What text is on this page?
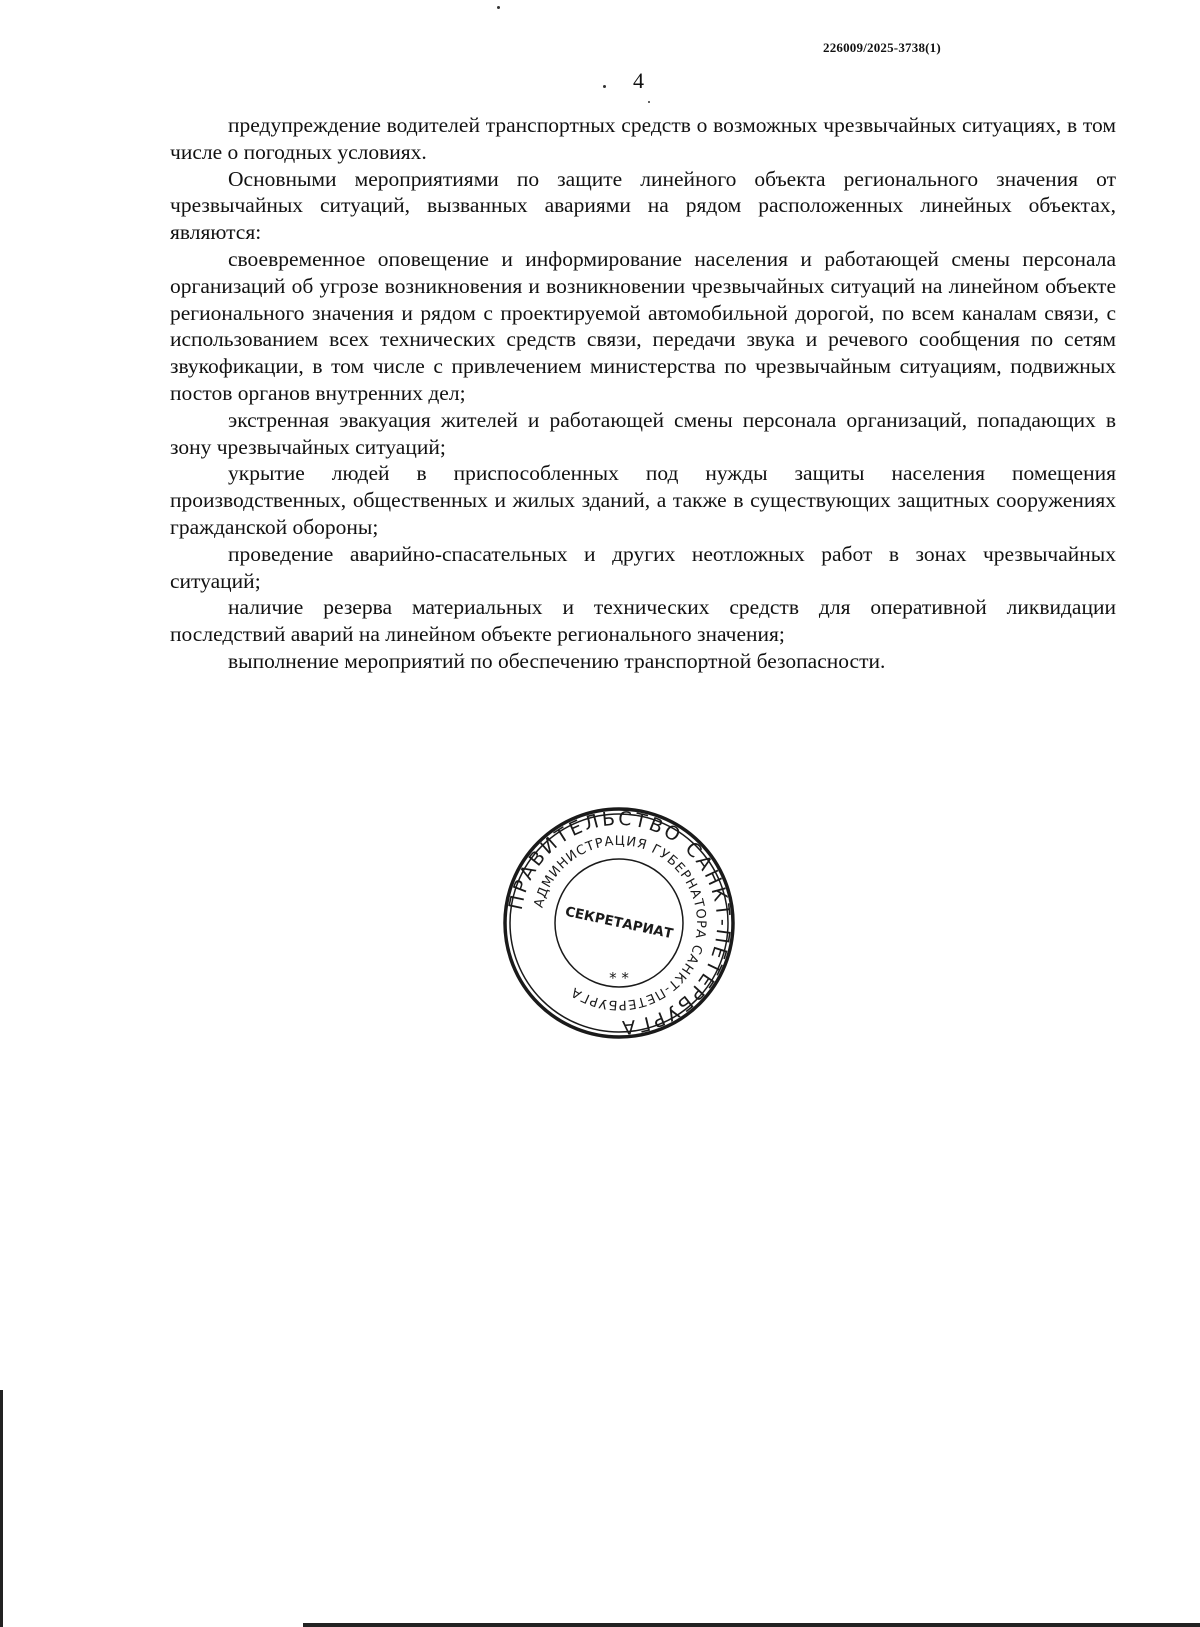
226009/2025-3738(1)
4

предупреждение водителей транспортных средств о возможных чрезвычайных ситуациях, в том числе о погодных условиях.

Основными мероприятиями по защите линейного объекта регионального значения от чрезвычайных ситуаций, вызванных авариями на рядом расположенных линейных объектах, являются:

своевременное оповещение и информирование населения и работающей смены персонала организаций об угрозе возникновения и возникновении чрезвычайных ситуаций на линейном объекте регионального значения и рядом с проектируемой автомобильной дорогой, по всем каналам связи, с использованием всех технических средств связи, передачи звука и речевого сообщения по сетям звукофикации, в том числе с привлечением министерства по чрезвычайным ситуациям, подвижных постов органов внутренних дел;

экстренная эвакуация жителей и работающей смены персонала организаций, попадающих в зону чрезвычайных ситуаций;

укрытие людей в приспособленных под нужды защиты населения помещения производственных, общественных и жилых зданий, а также в существующих защитных сооружениях гражданской обороны;

проведение аварийно-спасательных и других неотложных работ в зонах чрезвычайных ситуаций;

наличие резерва материальных и технических средств для оперативной ликвидации последствий аварий на линейном объекте регионального значения;

выполнение мероприятий по обеспечению транспортной безопасности.

ПРАВИТЕЛЬСТВО САНКТ-ПЕТЕРБУРГА
АДМИНИСТРАЦИЯ ГУБЕРНАТОРА САНКТ-ПЕТЕРБУРГА
СЕКРЕТАРИАТ
* *
